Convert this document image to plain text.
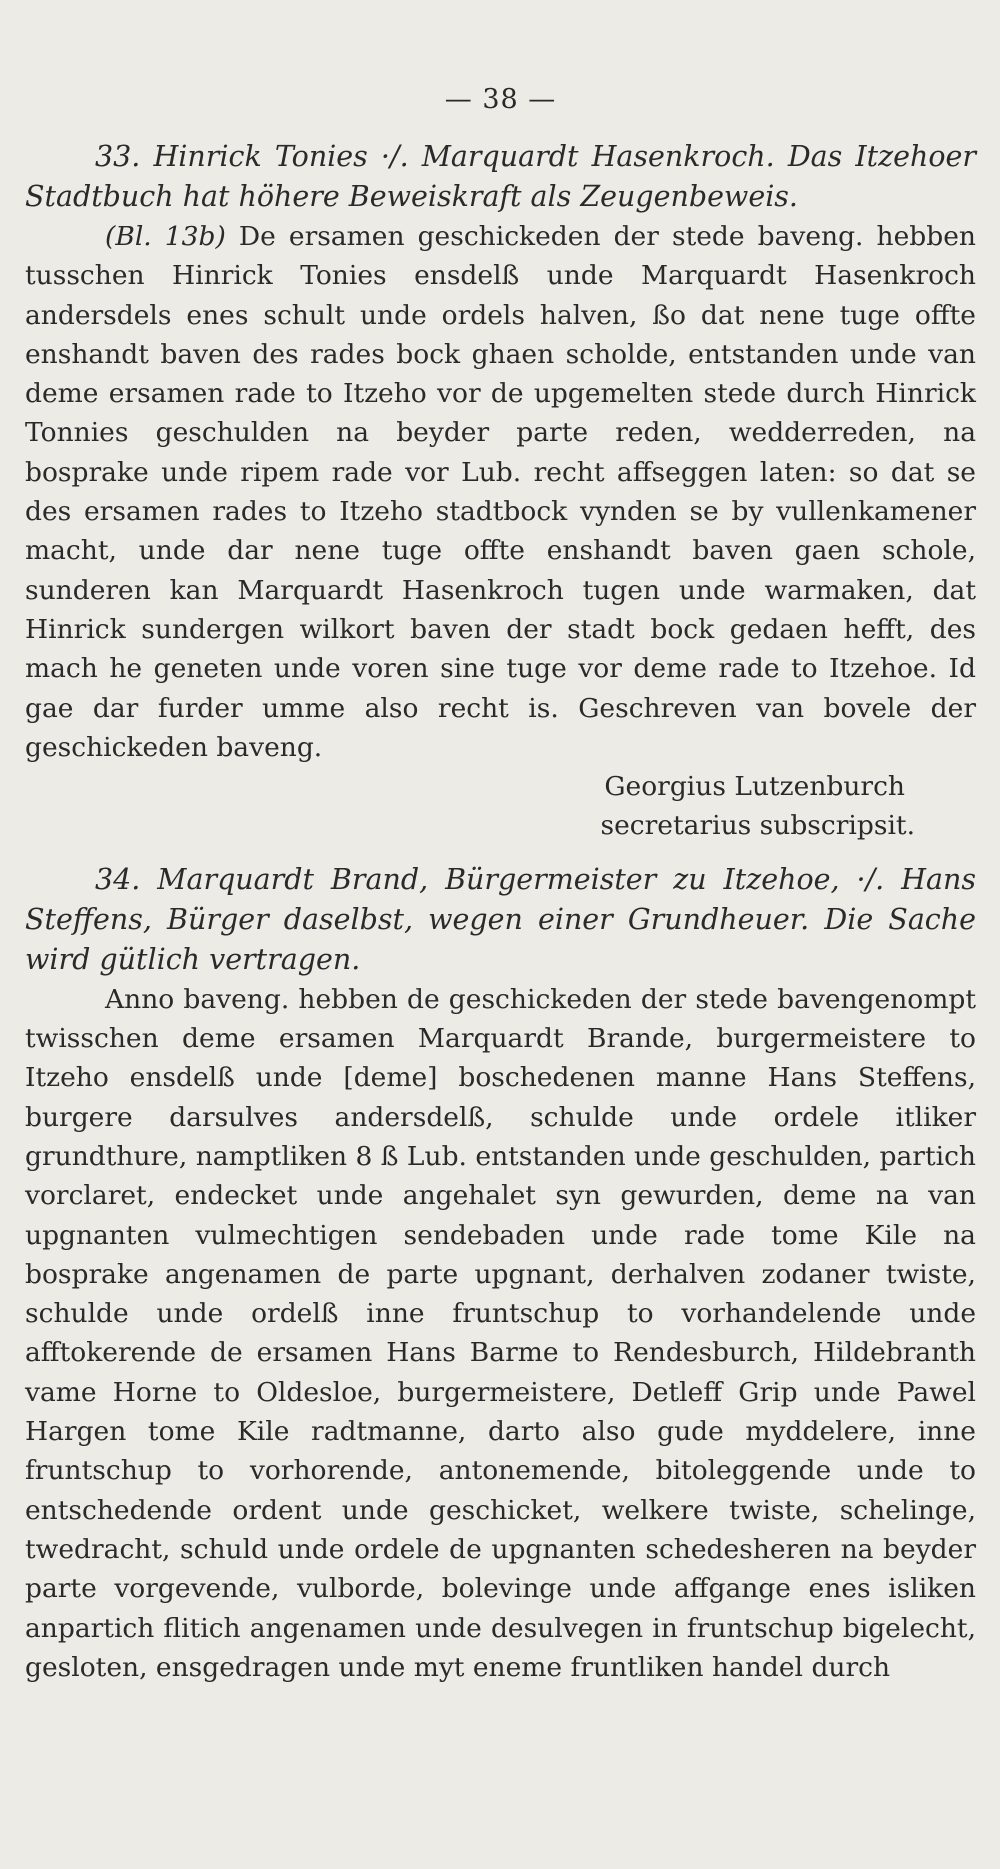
— 38 —

33. Hinrick Tonies ·/. Marquardt Hasenkroch. Das Itzehoer Stadtbuch hat höhere Beweiskraft als Zeugenbeweis.

(Bl. 13b) De ersamen geschickeden der stede baveng. hebben tusschen Hinrick Tonies ensdelß unde Marquardt Hasenkroch andersdels enes schult unde ordels halven, ßo dat nene tuge offte enshandt baven des rades bock ghaen scholde, entstanden unde van deme ersamen rade to Itzeho vor de upgemelten stede durch Hinrick Tonnies geschulden na beyder parte reden, wedderreden, na bosprake unde ripem rade vor Lub. recht affseggen laten: so dat se des ersamen rades to Itzeho stadtbock vynden se by vullenkamener macht, unde dar nene tuge offte enshandt baven gaen schole, sunderen kan Marquardt Hasenkroch tugen unde warmaken, dat Hinrick sundergen wilkort baven der stadt bock gedaen hefft, des mach he geneten unde voren sine tuge vor deme rade to Itzehoe. Id gae dar furder umme also recht is. Geschreven van bovele der geschickeden baveng.

Georgius Lutzenburch
secretarius subscripsit.

34. Marquardt Brand, Bürgermeister zu Itzehoe, ·/. Hans Steffens, Bürger daselbst, wegen einer Grundheuer. Die Sache wird gütlich vertragen.

Anno baveng. hebben de geschickeden der stede bavengenompt twisschen deme ersamen Marquardt Brande, burgermeistere to Itzeho ensdelß unde [deme] boschedenen manne Hans Steffens, burgere darsulves andersdelß, schulde unde ordele itliker grundthure, namptliken 8 ß Lub. entstanden unde geschulden, partich vorclaret, endecket unde angehalet syn gewurden, deme na van upgnanten vulmechtigen sendebaden unde rade tome Kile na bosprake angenamen de parte upgnant, derhalven zodaner twiste, schulde unde ordelß inne fruntschup to vorhandelende unde afftokerende de ersamen Hans Barme to Rendesburch, Hildebranth vame Horne to Oldesloe, burgermeistere, Detleff Grip unde Pawel Hargen tome Kile radtmanne, darto also gude myddelere, inne fruntschup to vorhorende, antonemende, bitoleggende unde to entschedende ordent unde geschicket, welkere twiste, schelinge, twedracht, schuld unde ordele de upgnanten schedesheren na beyder parte vorgevende, vulborde, bolevinge unde affgange enes isliken anpartich flitich angenamen unde desulvegen in fruntschup bigelecht, gesloten, ensgedragen unde myt eneme fruntliken handel durch
